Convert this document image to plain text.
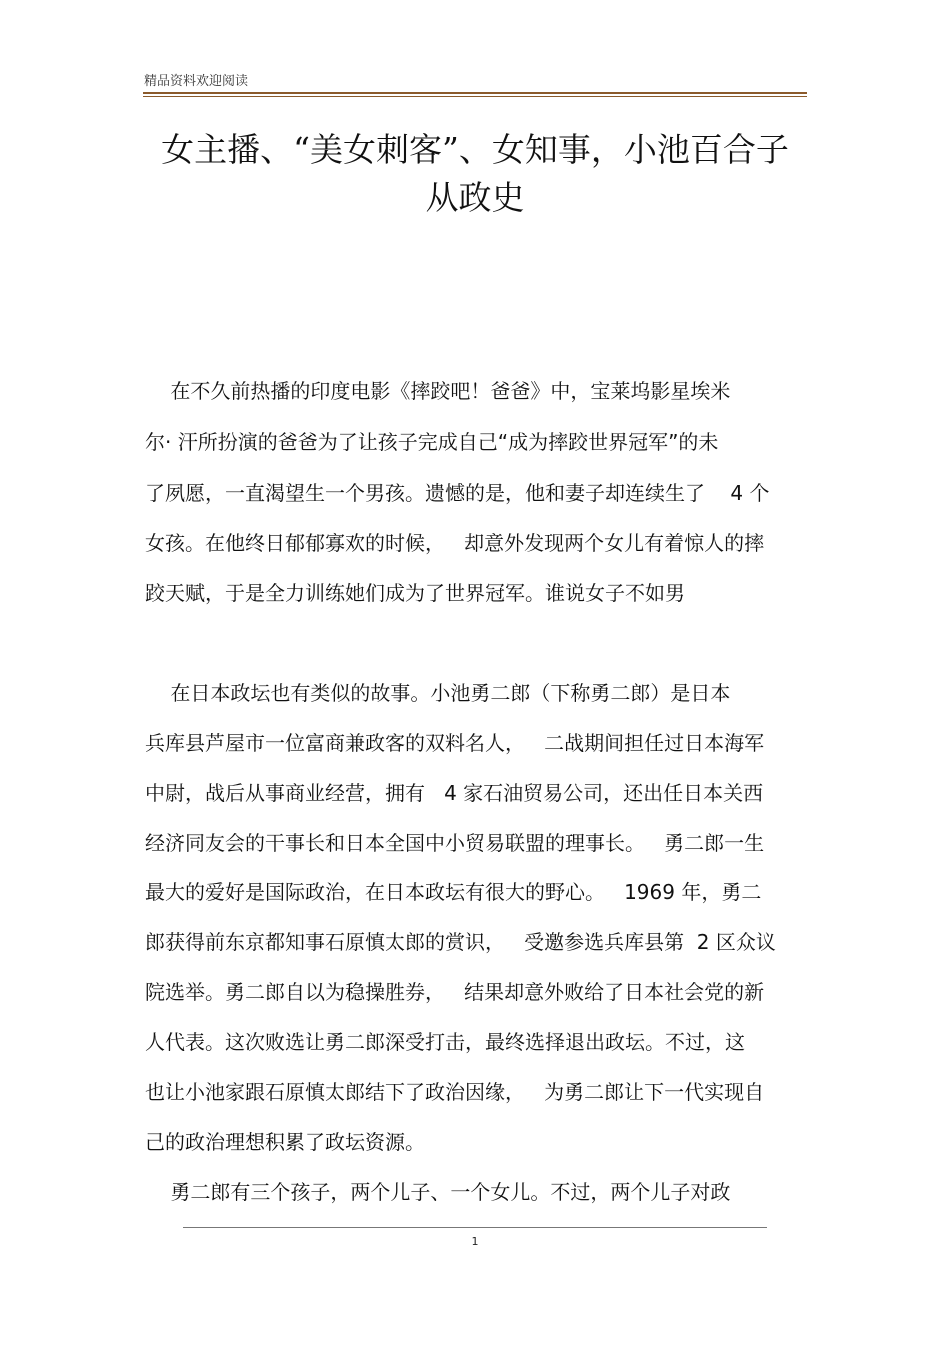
精品资料欢迎阅读
女主播、“美女刺客”、女知事，小池百合子
从政史
在不久前热播的印度电影《摔跤吧！爸爸》中，宝莱坞影星埃米
尔· 汗所扮演的爸爸为了让孩子完成自己“成为摔跤世界冠军”的未
了夙愿，一直渴望生一个男孩。遗憾的是，他和妻子却连续生了    4 个
女孩。在他终日郁郁寡欢的时候，   却意外发现两个女儿有着惊人的摔
跤天赋，于是全力训练她们成为了世界冠军。谁说女子不如男
在日本政坛也有类似的故事。小池勇二郎（下称勇二郎）是日本
兵库县芦屋市一位富商兼政客的双料名人，   二战期间担任过日本海军
中尉，战后从事商业经营，拥有   4 家石油贸易公司，还出任日本关西
经济同友会的干事长和日本全国中小贸易联盟的理事长。   勇二郎一生
最大的爱好是国际政治，在日本政坛有很大的野心。   1969 年，勇二
郎获得前东京都知事石原慎太郎的赏识，   受邀参选兵库县第  2 区众议
院选举。勇二郎自以为稳操胜券，   结果却意外败给了日本社会党的新
人代表。这次败选让勇二郎深受打击，最终选择退出政坛。不过，这
也让小池家跟石原慎太郎结下了政治因缘，   为勇二郎让下一代实现自
己的政治理想积累了政坛资源。
勇二郎有三个孩子，两个儿子、一个女儿。不过，两个儿子对政
1
